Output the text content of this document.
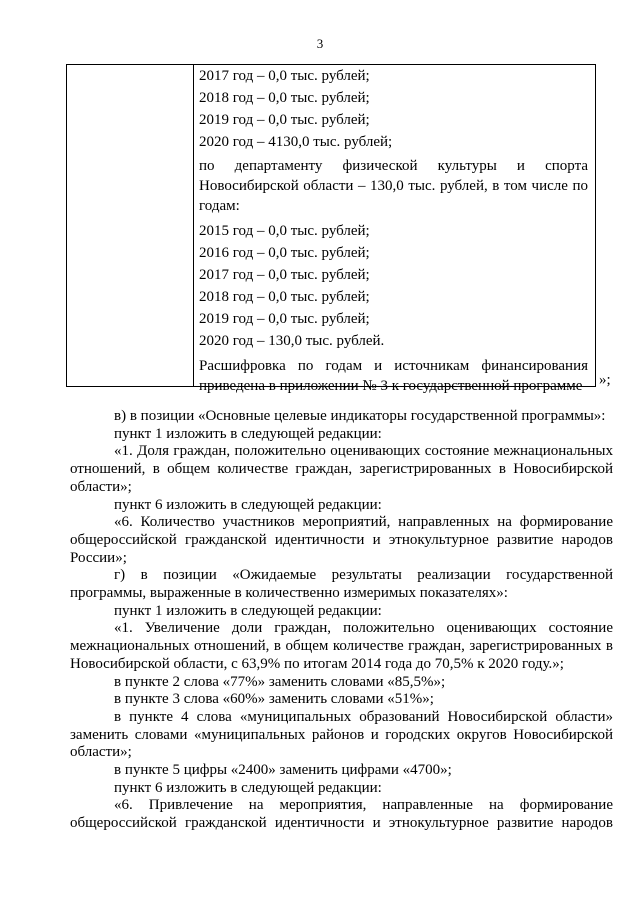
3

2017 год – 0,0 тыс. рублей;

2018 год – 0,0 тыс. рублей;

2019 год – 0,0 тыс. рублей;

2020 год – 4130,0 тыс. рублей;

по департаменту физической культуры и спорта Новосибирской области – 130,0 тыс. рублей, в том числе по годам:

2015 год – 0,0 тыс. рублей;

2016 год – 0,0 тыс. рублей;

2017 год – 0,0 тыс. рублей;

2018 год – 0,0 тыс. рублей;

2019 год – 0,0 тыс. рублей;

2020 год – 130,0 тыс. рублей.

Расшифровка по годам и источникам финансирования приведена в приложении № 3 к государственной программе	»;

в) в позиции «Основные целевые индикаторы государственной программы»:

пункт 1 изложить в следующей редакции:

«1. Доля граждан, положительно оценивающих состояние межнациональных отношений, в общем количестве граждан, зарегистрированных в Новосибирской области»;

пункт 6 изложить в следующей редакции:

«6. Количество участников мероприятий, направленных на формирование общероссийской гражданской идентичности и этнокультурное развитие народов России»;

г) в позиции «Ожидаемые результаты реализации государственной программы, выраженные в количественно измеримых показателях»:

пункт 1 изложить в следующей редакции:

«1. Увеличение доли граждан, положительно оценивающих состояние межнациональных отношений, в общем количестве граждан, зарегистрированных в Новосибирской области, с 63,9% по итогам 2014 года до 70,5% к 2020 году.»;

в пункте 2 слова «77%» заменить словами «85,5%»;

в пункте 3 слова «60%» заменить словами «51%»;

в пункте 4 слова «муниципальных образований Новосибирской области» заменить словами «муниципальных районов и городских округов Новосибирской области»;

в пункте 5 цифры «2400» заменить цифрами «4700»;

пункт 6 изложить в следующей редакции:

«6. Привлечение на мероприятия, направленные на формирование общероссийской гражданской идентичности и этнокультурное развитие народов
